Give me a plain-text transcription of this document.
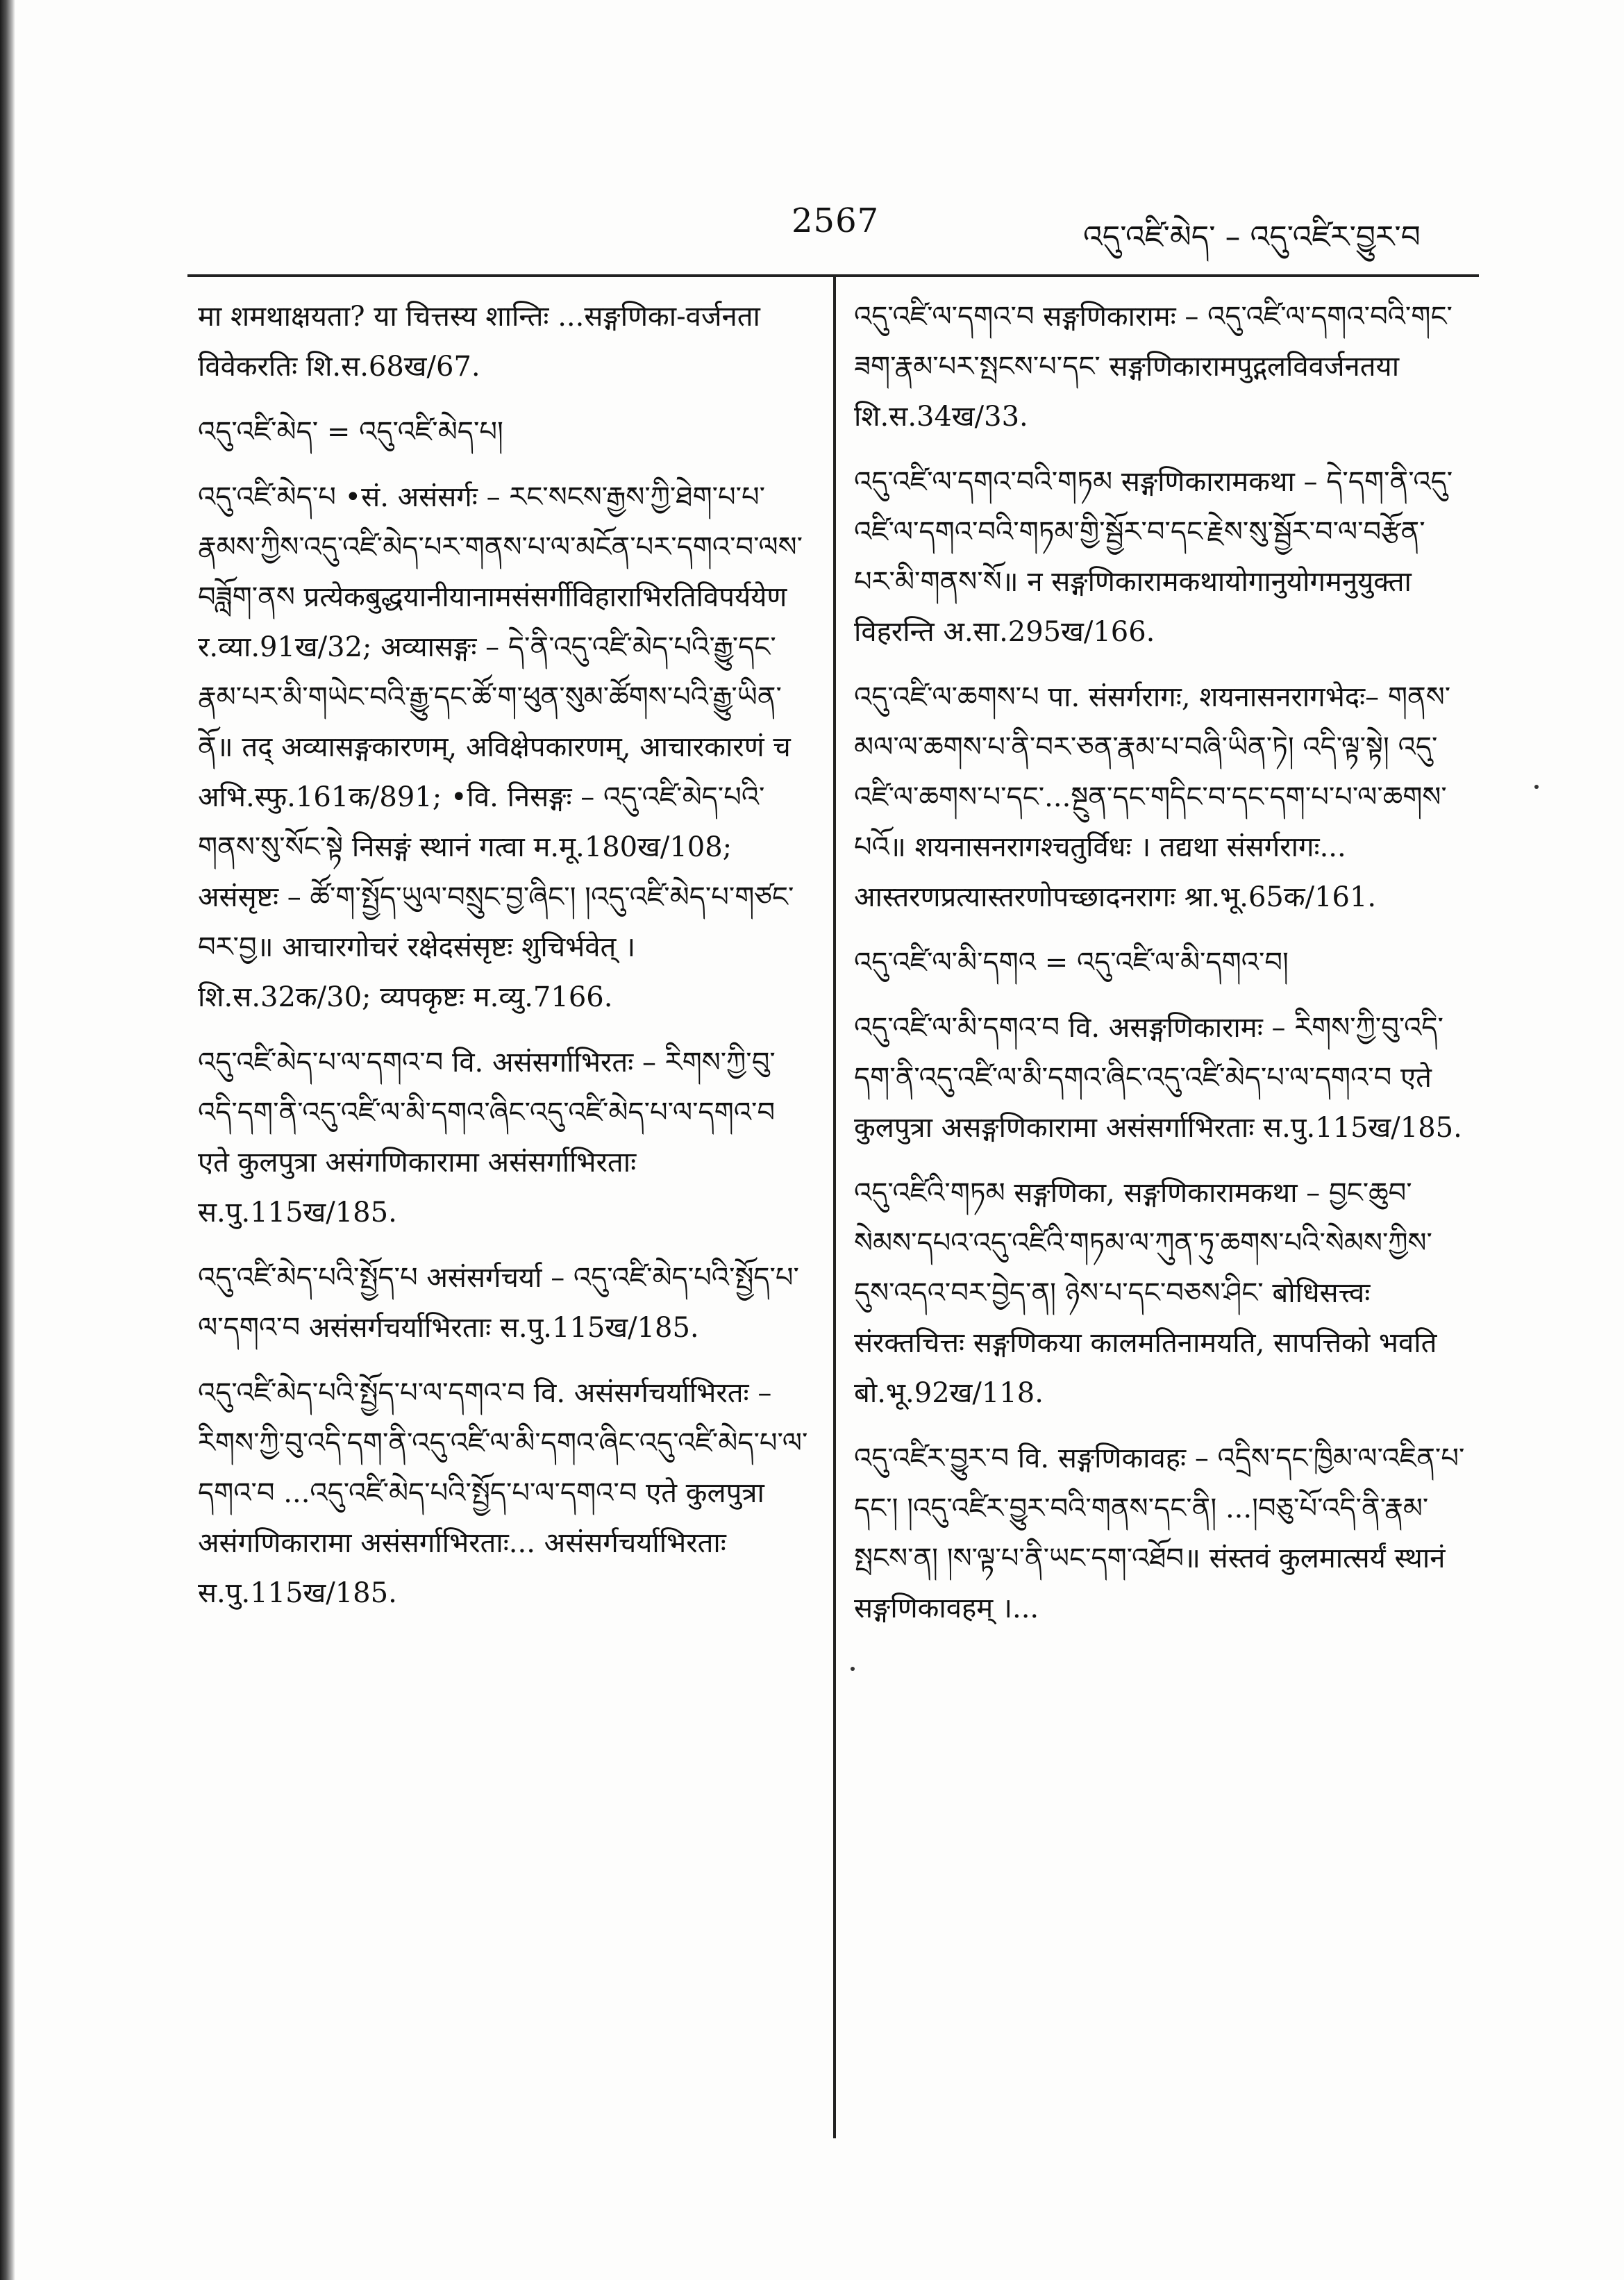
2567	འདུ་འཛི་མེད་ – འདུ་འཛིར་བྱུར་བ

मा शमथाक्षयता? या चित्तस्य शान्तिः ...सङ्गणिका-वर्जनता विवेकरतिः शि.स.68ख/67.

འདུ་འཛི་མེད་ = འདུ་འཛི་མེད་པ།

འདུ་འཛི་མེད་པ •सं. असंसर्गः – རང་སངས་རྒྱས་ཀྱི་ཐེག་པ་པ་རྣམས་ཀྱིས་འདུ་འཛི་མེད་པར་གནས་པ་ལ་མངོན་པར་དགའ་བ་ལས་བཟློག་ནས प्रत्येकबुद्धयानीयानामसंसर्गीविहाराभिरतिविपर्ययेण र.व्या.91ख/32; अव्यासङ्गः – དེ་ནི་འདུ་འཛི་མེད་པའི་རྒྱུ་དང་རྣམ་པར་མི་གཡེང་བའི་རྒྱུ་དང་ཚོ་ག་ཕུན་སུམ་ཚོགས་པའི་རྒྱུ་ཡིན་ནོ॥ तद् अव्यासङ्गकारणम्, अविक्षेपकारणम्, आचारकारणं च अभि.स्फु.161क/891; •वि. निसङ्गः – འདུ་འཛི་མེད་པའི་གནས་སུ་སོང་སྟེ निसङ्गं स्थानं गत्वा म.मू.180ख/108; असंसृष्टः – ཚོ་ག་སྤྱོད་ཡུལ་བསྲུང་བྱ་ཞིང་། །འདུ་འཛི་མེད་པ་གཙང་བར་བྱ॥ आचारगोचरं रक्षेदसंसृष्टः शुचिर्भवेत् । शि.स.32क/30; व्यपकृष्टः म.व्यु.7166.

འདུ་འཛི་མེད་པ་ལ་དགའ་བ वि. असंसर्गाभिरतः – རིགས་ཀྱི་བུ་འདི་དག་ནི་འདུ་འཛི་ལ་མི་དགའ་ཞིང་འདུ་འཛི་མེད་པ་ལ་དགའ་བ एते कुलपुत्रा असंगणिकारामा असंसर्गाभिरताः स.पु.115ख/185.

འདུ་འཛི་མེད་པའི་སྤྱོད་པ असंसर्गचर्या – འདུ་འཛི་མེད་པའི་སྤྱོད་པ་ལ་དགའ་བ असंसर्गचर्याभिरताः स.पु.115ख/185.

འདུ་འཛི་མེད་པའི་སྤྱོད་པ་ལ་དགའ་བ वि. असंसर्गचर्याभिरतः – རིགས་ཀྱི་བུ་འདི་དག་ནི་འདུ་འཛི་ལ་མི་དགའ་ཞིང་འདུ་འཛི་མེད་པ་ལ་དགའ་བ ...འདུ་འཛི་མེད་པའི་སྤྱོད་པ་ལ་དགའ་བ एते कुलपुत्रा असंगणिकारामा असंसर्गाभिरताः... असंसर्गचर्याभिरताः स.पु.115ख/185.

འདུ་འཛི་ལ་དགའ་བ सङ्गणिकारामः – འདུ་འཛི་ལ་དགའ་བའི་གང་ཟག་རྣམ་པར་སྤངས་པ་དང་ सङ्गणिकारामपुद्गलविवर्जनतया शि.स.34ख/33.

འདུ་འཛི་ལ་དགའ་བའི་གཏམ सङ्गणिकारामकथा – དེ་དག་ནི་འདུ་འཛི་ལ་དགའ་བའི་གཏམ་གྱི་སྦྱོར་བ་དང་རྗེས་སུ་སྦྱོར་བ་ལ་བརྩོན་པར་མི་གནས་སོ॥ न सङ्गणिकारामकथायोगानुयोगमनुयुक्ता विहरन्ति अ.सा.295ख/166.

འདུ་འཛི་ལ་ཆགས་པ पा. संसर्गरागः, शयनासनरागभेदः– གནས་མལ་ལ་ཆགས་པ་ནི་བར་ཅན་རྣམ་པ་བཞི་ཡིན་ཏེ། འདི་ལྟ་སྟེ། འདུ་འཛི་ལ་ཆགས་པ་དང་...སྔུན་དང་གདིང་བ་དང་དག་པ་པ་ལ་ཆགས་པའོ॥ शयनासनरागश्चतुर्विधः । तद्यथा संसर्गरागः... आस्तरणप्रत्यास्तरणोपच्छादनरागः श्रा.भू.65क/161.

འདུ་འཛི་ལ་མི་དགའ = འདུ་འཛི་ལ་མི་དགའ་བ།

འདུ་འཛི་ལ་མི་དགའ་བ वि. असङ्गणिकारामः – རིགས་ཀྱི་བུ་འདི་དག་ནི་འདུ་འཛི་ལ་མི་དགའ་ཞིང་འདུ་འཛི་མེད་པ་ལ་དགའ་བ एते कुलपुत्रा असङ्गणिकारामा असंसर्गाभिरताः स.पु.115ख/185.

འདུ་འཛིའི་གཏམ सङ्गणिका, सङ्गणिकारामकथा – བྱང་ཆུབ་སེམས་དཔའ་འདུ་འཛིའི་གཏམ་ལ་ཀུན་ཏུ་ཆགས་པའི་སེམས་ཀྱིས་དུས་འདའ་བར་བྱེད་ན། ཉེས་པ་དང་བཅས་ཤིང་ बोधिसत्त्वः संरक्तचित्तः सङ्गणिकया कालमतिनामयति, सापत्तिको भवति बो.भू.92ख/118.

འདུ་འཛིར་བྱུར་བ वि. सङ्गणिकावहः – འདྲིས་དང་ཁྱིམ་ལ་འཇིན་པ་དང་། །འདུ་འཛིར་བྱུར་བའི་གནས་དང་ནི། ...།བཅུ་པོ་འདི་ནི་རྣམ་སྤངས་ན། །ས་ལྟ་པ་ནི་ཡང་དག་འཐོབ॥ संस्तवं कुलमात्सर्यं स्थानं सङ्गणिकावहम् ।...
